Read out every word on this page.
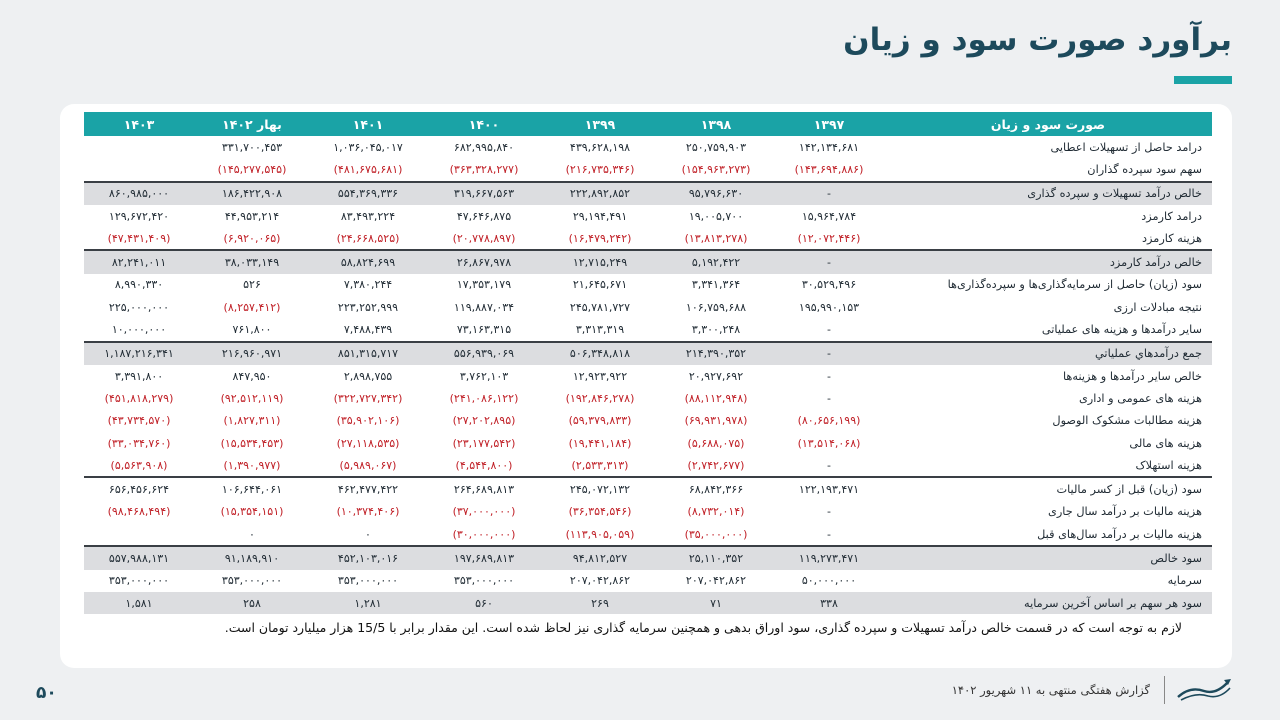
برآورد صورت سود و زیان
صورت سود و زیان	۱۳۹۷	۱۳۹۸	۱۳۹۹	۱۴۰۰	۱۴۰۱	بهار ۱۴۰۲	۱۴۰۳
درامد حاصل از تسهیلات اعطایی	۱۴۲,۱۳۴,۶۸۱	۲۵۰,۷۵۹,۹۰۳	۴۳۹,۶۲۸,۱۹۸	۶۸۲,۹۹۵,۸۴۰	۱,۰۳۶,۰۴۵,۰۱۷	۳۳۱,۷۰۰,۴۵۳	
سهم سود سپرده گذاران	(۱۴۳,۶۹۴,۸۸۶)	(۱۵۴,۹۶۳,۲۷۳)	(۲۱۶,۷۳۵,۳۴۶)	(۳۶۳,۳۲۸,۲۷۷)	(۴۸۱,۶۷۵,۶۸۱)	(۱۴۵,۲۷۷,۵۴۵)	
خالص درآمد تسهیلات و سپرده گذاری	-	۹۵,۷۹۶,۶۳۰	۲۲۲,۸۹۲,۸۵۲	۳۱۹,۶۶۷,۵۶۳	۵۵۴,۳۶۹,۳۳۶	۱۸۶,۴۲۲,۹۰۸	۸۶۰,۹۸۵,۰۰۰
درامد کارمزد	۱۵,۹۶۴,۷۸۴	۱۹,۰۰۵,۷۰۰	۲۹,۱۹۴,۴۹۱	۴۷,۶۴۶,۸۷۵	۸۳,۴۹۳,۲۲۴	۴۴,۹۵۳,۲۱۴	۱۲۹,۶۷۲,۴۲۰
هزینه کارمزد	(۱۲,۰۷۲,۴۴۶)	(۱۳,۸۱۳,۲۷۸)	(۱۶,۴۷۹,۲۴۲)	(۲۰,۷۷۸,۸۹۷)	(۲۴,۶۶۸,۵۲۵)	(۶,۹۲۰,۰۶۵)	(۴۷,۴۳۱,۴۰۹)
خالص درآمد کارمزد	-	۵,۱۹۲,۴۲۲	۱۲,۷۱۵,۲۴۹	۲۶,۸۶۷,۹۷۸	۵۸,۸۲۴,۶۹۹	۳۸,۰۳۳,۱۴۹	۸۲,۲۴۱,۰۱۱
سود (زیان) حاصل از سرمایه‌گذاری‌ها و سپرده‌گذاری‌ها	۳۰,۵۲۹,۴۹۶	۳,۳۴۱,۳۶۴	۲۱,۶۴۵,۶۷۱	۱۷,۳۵۳,۱۷۹	۷,۳۸۰,۲۴۴	۵۲۶	۸,۹۹۰,۳۳۰
نتیجه مبادلات ارزی	۱۹۵,۹۹۰,۱۵۳	۱۰۶,۷۵۹,۶۸۸	۲۴۵,۷۸۱,۷۲۷	۱۱۹,۸۸۷,۰۳۴	۲۲۳,۲۵۲,۹۹۹	(۸,۲۵۷,۴۱۲)	۲۲۵,۰۰۰,۰۰۰
سایر درآمدها و هزینه های عملیاتی	-	۳,۳۰۰,۲۴۸	۳,۳۱۳,۳۱۹	۷۳,۱۶۳,۳۱۵	۷,۴۸۸,۴۳۹	۷۶۱,۸۰۰	۱۰,۰۰۰,۰۰۰
جمع درآمدهاي عملیاتي	-	۲۱۴,۳۹۰,۳۵۲	۵۰۶,۳۴۸,۸۱۸	۵۵۶,۹۳۹,۰۶۹	۸۵۱,۳۱۵,۷۱۷	۲۱۶,۹۶۰,۹۷۱	۱,۱۸۷,۲۱۶,۳۴۱
خالص سایر درآمدها و هزینه‌ها	-	۲۰,۹۲۷,۶۹۲	۱۲,۹۲۳,۹۲۲	۳,۷۶۲,۱۰۳	۲,۸۹۸,۷۵۵	۸۴۷,۹۵۰	۳,۳۹۱,۸۰۰
هزینه های عمومی و اداری	-	(۸۸,۱۱۲,۹۴۸)	(۱۹۲,۸۴۶,۲۷۸)	(۲۴۱,۰۸۶,۱۲۲)	(۳۲۲,۷۲۷,۳۴۲)	(۹۲,۵۱۲,۱۱۹)	(۴۵۱,۸۱۸,۲۷۹)
هزینه مطالبات مشکوک الوصول	(۸۰,۶۵۶,۱۹۹)	(۶۹,۹۳۱,۹۷۸)	(۵۹,۳۷۹,۸۳۳)	(۲۷,۲۰۲,۸۹۵)	(۳۵,۹۰۲,۱۰۶)	(۱,۸۲۷,۳۱۱)	(۴۳,۷۳۴,۵۷۰)
هزینه های مالی	(۱۳,۵۱۴,۰۶۸)	(۵,۶۸۸,۰۷۵)	(۱۹,۴۴۱,۱۸۴)	(۲۳,۱۷۷,۵۴۲)	(۲۷,۱۱۸,۵۳۵)	(۱۵,۵۳۴,۴۵۳)	(۳۳,۰۳۴,۷۶۰)
هزینه استهلاک	-	(۲,۷۴۲,۶۷۷)	(۲,۵۳۳,۳۱۳)	(۴,۵۴۴,۸۰۰)	(۵,۹۸۹,۰۶۷)	(۱,۳۹۰,۹۷۷)	(۵,۵۶۳,۹۰۸)
سود (زیان) قبل از کسر مالیات	۱۲۲,۱۹۳,۴۷۱	۶۸,۸۴۲,۳۶۶	۲۴۵,۰۷۲,۱۳۲	۲۶۴,۶۸۹,۸۱۳	۴۶۲,۴۷۷,۴۲۲	۱۰۶,۶۴۴,۰۶۱	۶۵۶,۴۵۶,۶۲۴
هزینه مالیات بر درآمد سال جاری	-	(۸,۷۳۲,۰۱۴)	(۳۶,۳۵۴,۵۴۶)	(۳۷,۰۰۰,۰۰۰)	(۱۰,۳۷۴,۴۰۶)	(۱۵,۳۵۴,۱۵۱)	(۹۸,۴۶۸,۴۹۴)
هزینه مالیات بر درآمد سال‌های قبل	-	(۳۵,۰۰۰,۰۰۰)	(۱۱۳,۹۰۵,۰۵۹)	(۳۰,۰۰۰,۰۰۰)	۰	۰	
سود خالص	۱۱۹,۲۷۳,۴۷۱	۲۵,۱۱۰,۳۵۲	۹۴,۸۱۲,۵۲۷	۱۹۷,۶۸۹,۸۱۳	۴۵۲,۱۰۳,۰۱۶	۹۱,۱۸۹,۹۱۰	۵۵۷,۹۸۸,۱۳۱
سرمایه	۵۰,۰۰۰,۰۰۰	۲۰۷,۰۴۲,۸۶۲	۲۰۷,۰۴۲,۸۶۲	۳۵۳,۰۰۰,۰۰۰	۳۵۳,۰۰۰,۰۰۰	۳۵۳,۰۰۰,۰۰۰	۳۵۳,۰۰۰,۰۰۰
سود هر سهم بر اساس آخرین سرمایه	۳۳۸	۷۱	۲۶۹	۵۶۰	۱,۲۸۱	۲۵۸	۱,۵۸۱
لازم به توجه است که در قسمت خالص درآمد تسهیلات و سپرده گذاری، سود اوراق بدهی و همچنین سرمایه گذاری نیز لحاظ شده است. این مقدار برابر با 15/5 هزار میلیارد تومان است.
۵۰	گزارش هفتگی منتهی به ۱۱ شهریور ۱۴۰۲
